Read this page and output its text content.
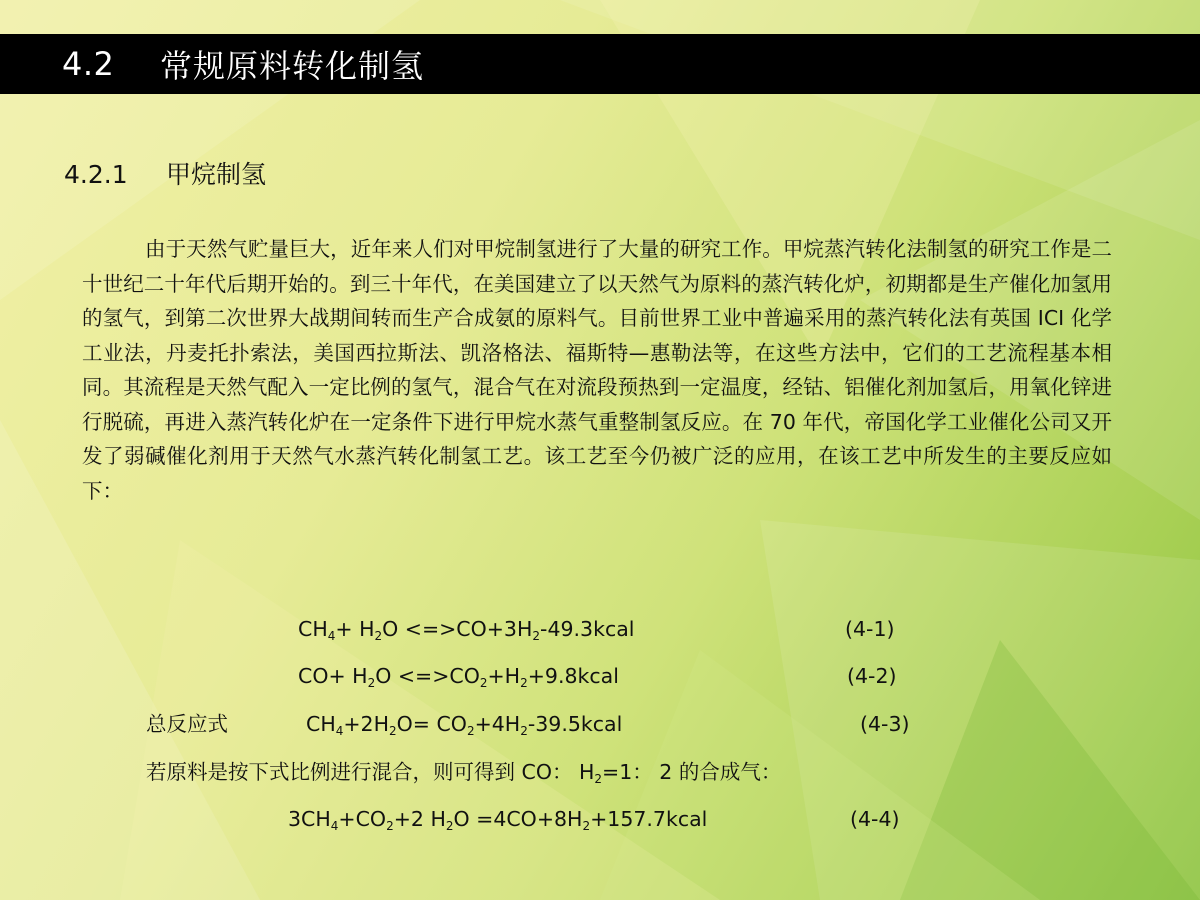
4.2 常规原料转化制氢
4.2.1 甲烷制氢
由于天然气贮量巨大，近年来人们对甲烷制氢进行了大量的研究工作。甲烷蒸汽转化法制氢的研究工作是二十世纪二十年代后期开始的。到三十年代，在美国建立了以天然气为原料的蒸汽转化炉，初期都是生产催化加氢用的氢气，到第二次世界大战期间转而生产合成氨的原料气。目前世界工业中普遍采用的蒸汽转化法有英国 ICI 化学工业法，丹麦托扑索法，美国西拉斯法、凯洛格法、福斯特—惠勒法等，在这些方法中，它们的工艺流程基本相同。其流程是天然气配入一定比例的氢气，混合气在对流段预热到一定温度，经钴、铝催化剂加氢后，用氧化锌进行脱硫，再进入蒸汽转化炉在一定条件下进行甲烷水蒸气重整制氢反应。在 70 年代，帝国化学工业催化公司又开发了弱碱催化剂用于天然气水蒸汽转化制氢工艺。该工艺至今仍被广泛的应用，在该工艺中所发生的主要反应如下：
$CH_4+ H_2O$ $<=>CO+3H_2-49.3kcal$	(4-1)
$CO+ H_2O$ $<=>CO_2+H_2+9.8kcal$	(4-2)
总反应式	$CH_4+2H_2O=$ $CO_2+4H_2-39.5kcal$	(4-3)
若原料是按下式比例进行混合，则可得到 CO： $H_2=1$： 2 的合成气：
$3CH_4+CO_2+2$ $H_2O$ $=4CO+8H_2+157.7kcal$	(4-4)
